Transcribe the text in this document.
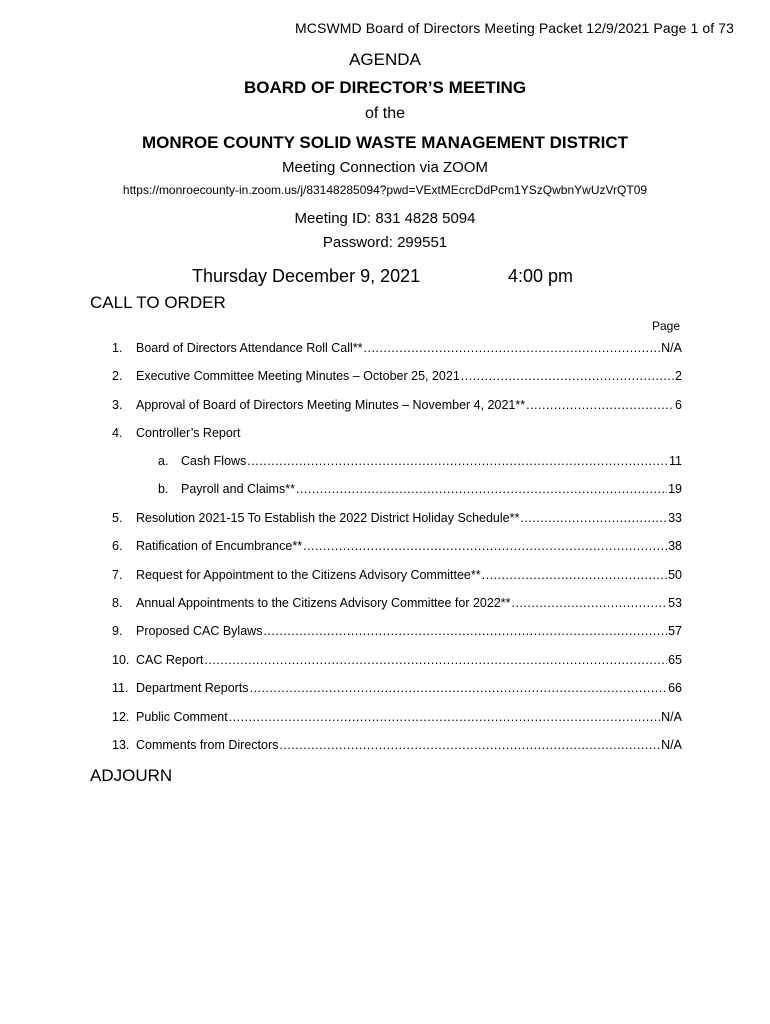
MCSWMD Board of Directors Meeting Packet 12/9/2021 Page 1 of 73
AGENDA
BOARD OF DIRECTOR’S MEETING
of the
MONROE COUNTY SOLID WASTE MANAGEMENT DISTRICT
Meeting Connection via ZOOM
https://monroecounty-in.zoom.us/j/83148285094?pwd=VExtMEcrcDdPcm1YSzQwbnYwUzVrQT09
Meeting ID: 831 4828 5094
Password: 299551
Thursday December 9, 2021	4:00 pm
CALL TO ORDER
Page
1.	Board of Directors Attendance Roll Call** .....	N/A
2.	Executive Committee Meeting Minutes – October 25, 2021 .....	2
3.	Approval of Board of Directors Meeting Minutes – November 4, 2021** .....	6
4.	Controller’s Report
a.	Cash Flows .....	11
b.	Payroll and Claims** .....	19
5.	Resolution 2021-15 To Establish the 2022 District Holiday Schedule** .....	33
6.	Ratification of Encumbrance** .....	38
7.	Request for Appointment to the Citizens Advisory Committee** .....	50
8.	Annual Appointments to the Citizens Advisory Committee for 2022** .....	53
9.	Proposed CAC Bylaws .....	57
10. CAC Report .....	65
11. Department Reports .....	66
12. Public Comment .....	N/A
13. Comments from Directors .....	N/A
ADJOURN
